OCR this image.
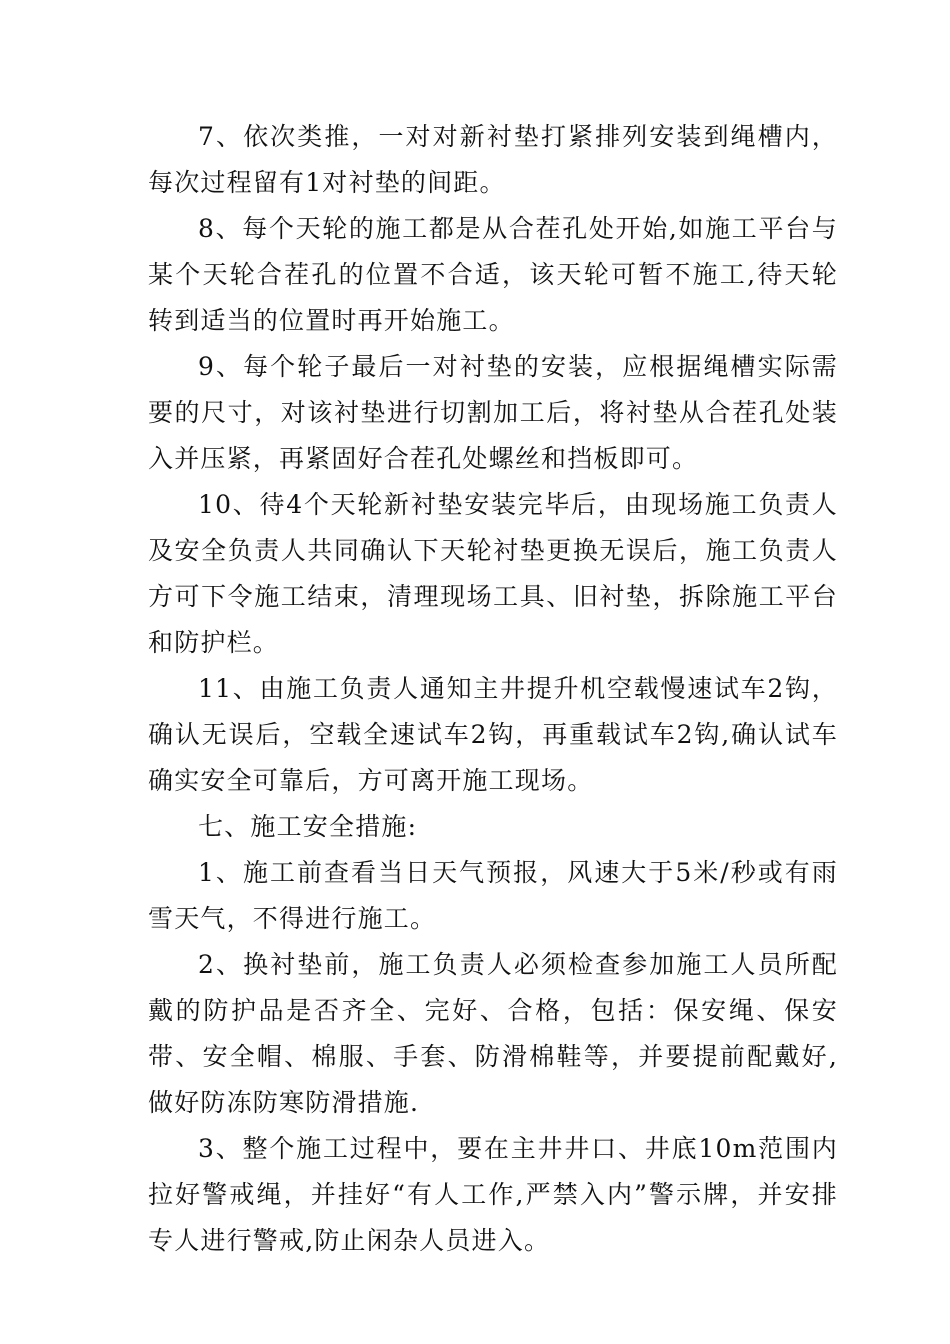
7、依次类推，一对对新衬垫打紧排列安装到绳槽内，每次过程留有1对衬垫的间距。

8、每个天轮的施工都是从合茬孔处开始,如施工平台与某个天轮合茬孔的位置不合适，该天轮可暂不施工,待天轮转到适当的位置时再开始施工。

9、每个轮子最后一对衬垫的安装，应根据绳槽实际需要的尺寸，对该衬垫进行切割加工后，将衬垫从合茬孔处装入并压紧，再紧固好合茬孔处螺丝和挡板即可。

10、待4个天轮新衬垫安装完毕后，由现场施工负责人及安全负责人共同确认下天轮衬垫更换无误后，施工负责人方可下令施工结束，清理现场工具、旧衬垫，拆除施工平台和防护栏。

11、由施工负责人通知主井提升机空载慢速试车2钩，确认无误后，空载全速试车2钩，再重载试车2钩,确认试车确实安全可靠后，方可离开施工现场。

七、施工安全措施:

1、施工前查看当日天气预报，风速大于5米/秒或有雨雪天气，不得进行施工。

2、换衬垫前，施工负责人必须检查参加施工人员所配戴的防护品是否齐全、完好、合格，包括：保安绳、保安带、安全帽、棉服、手套、防滑棉鞋等，并要提前配戴好,做好防冻防寒防滑措施.

3、整个施工过程中，要在主井井口、井底10m范围内拉好警戒绳，并挂好“有人工作,严禁入内”警示牌，并安排专人进行警戒,防止闲杂人员进入。
